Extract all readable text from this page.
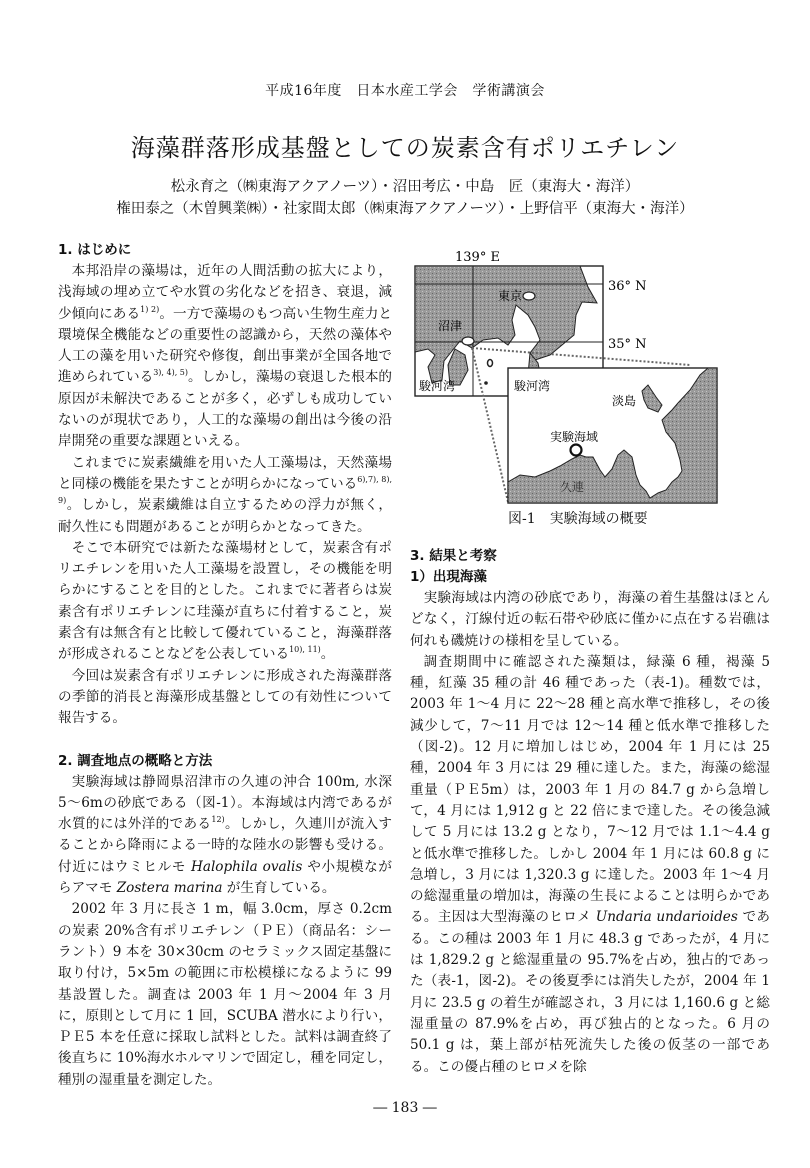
平成16年度　日本水産工学会　学術講演会
海藻群落形成基盤としての炭素含有ポリエチレン
松永育之（㈱東海アクアノーツ）・沼田考広・中島　匠（東海大・海洋）
権田泰之（木曽興業㈱）・社家間太郎（㈱東海アクアノーツ）・上野信平（東海大・海洋）
1. はじめに

本邦沿岸の藻場は，近年の人間活動の拡大により，浅海域の埋め立てや水質の劣化などを招き、衰退，減少傾向にある$^{1) 2)}$。一方で藻場のもつ高い生物生産力と環境保全機能などの重要性の認識から，天然の藻体や人工の藻を用いた研究や修復，創出事業が全国各地で進められている$^{3), 4), 5)}$。しかし，藻場の衰退した根本的原因が未解決であることが多く，必ずしも成功していないのが現状であり，人工的な藻場の創出は今後の沿岸開発の重要な課題といえる。

これまでに炭素繊維を用いた人工藻場は，天然藻場と同様の機能を果たすことが明らかになっている$^{6),7), 8), 9)}$。しかし，炭素繊維は自立するための浮力が無く，耐久性にも問題があることが明らかとなってきた。

そこで本研究では新たな藻場材として，炭素含有ポリエチレンを用いた人工藻場を設置し，その機能を明らかにすることを目的とした。これまでに著者らは炭素含有ポリエチレンに珪藻が直ちに付着すること，炭素含有は無含有と比較して優れていること，海藻群落が形成されることなどを公表している$^{10), 11)}$。

今回は炭素含有ポリエチレンに形成された海藻群落の季節的消長と海藻形成基盤としての有効性について報告する。

2. 調査地点の概略と方法

実験海域は静岡県沼津市の久連の沖合 100m, 水深 5～6mの砂底である（図-1）。本海域は内湾であるが水質的には外洋的である$^{12)}$。しかし，久連川が流入することから降雨による一時的な陸水の影響も受ける。付近にはウミヒルモ Halophila ovalis や小規模ながらアマモ Zostera marina が生育している。

2002 年 3 月に長さ 1 m，幅 3.0cm，厚さ 0.2cm の炭素 20%含有ポリエチレン（ＰＥ）（商品名：シーラント）9 本を 30×30cm のセラミックス固定基盤に取り付け，5×5m の範囲に市松模様になるように 99 基設置した。調査は 2003 年 1 月～2004 年 3 月に，原則として月に 1 回，SCUBA 潜水により行い，ＰＥ5 本を任意に採取し試料とした。試料は調査終了後直ちに 10%海水ホルマリンで固定し，種を同定し，種別の湿重量を測定した。

139° E
36° N
35° N
東京
沼津
駿河湾	駿河湾
淡島
実験海域
久連
図-1　実験海域の概要
3. 結果と考察
1）出現海藻

実験海域は内湾の砂底であり，海藻の着生基盤はほとんどなく，汀線付近の転石帯や砂底に僅かに点在する岩礁は何れも磯焼けの様相を呈している。

調査期間中に確認された藻類は，緑藻 6 種，褐藻 5 種，紅藻 35 種の計 46 種であった（表-1)。種数では，2003 年 1～4 月に 22～28 種と高水準で推移し，その後減少して，7～11 月では 12～14 種と低水準で推移した（図-2)。12 月に増加しはじめ，2004 年 1 月には 25 種，2004 年 3 月には 29 種に達した。また，海藻の総湿重量（ＰＥ5m）は，2003 年 1 月の 84.7 g から急増して，4 月には 1,912 g と 22 倍にまで達した。その後急減して 5 月には 13.2 g となり，7～12 月では 1.1～4.4 g と低水準で推移した。しかし 2004 年 1 月には 60.8 g に急増し，3 月には 1,320.3 g に達した。2003 年 1～4 月の総湿重量の増加は，海藻の生長によることは明らかである。主因は大型海藻のヒロメ Undaria undarioides である。この種は 2003 年 1 月に 48.3 g であったが，4 月には 1,829.2 g と総湿重量の 95.7%を占め，独占的であった（表-1，図-2)。その後夏季には消失したが，2004 年 1 月に 23.5 g の着生が確認され，3 月には 1,160.6 g と総湿重量の 87.9%を占め，再び独占的となった。6 月の 50.1 g は，葉上部が枯死流失した後の仮茎の一部である。この優占種のヒロメを除

― 183 ―
